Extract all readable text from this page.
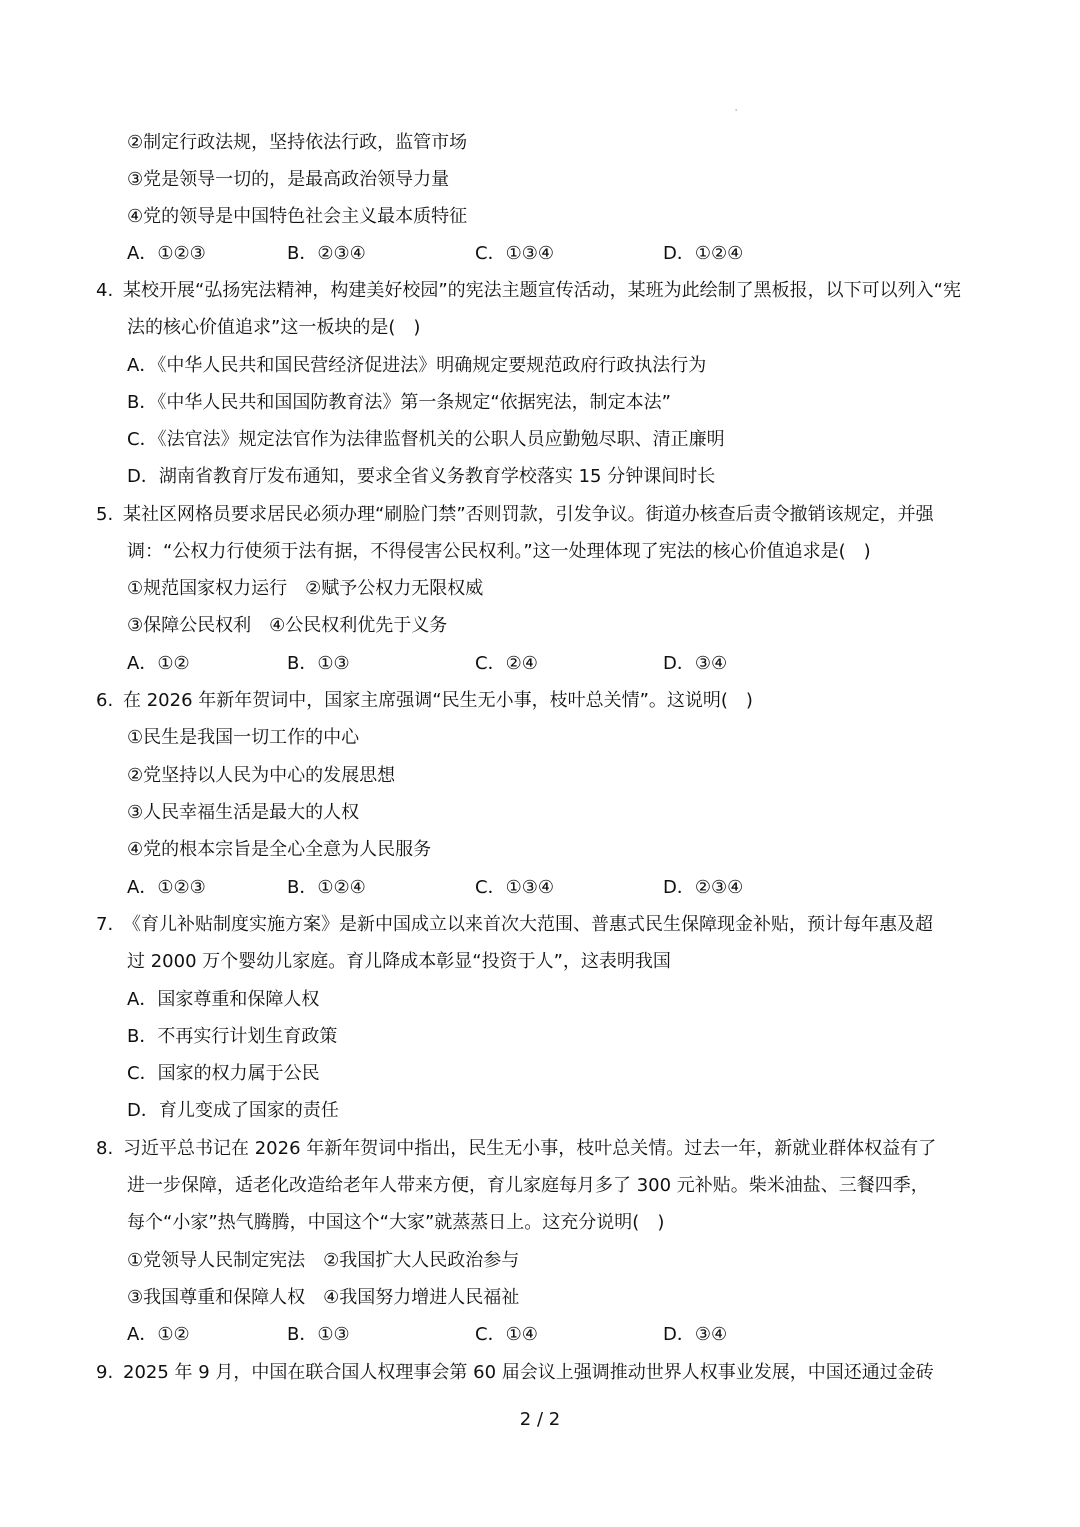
'
②制定行政法规，坚持依法行政，监管市场
③党是领导一切的，是最高政治领导力量
④党的领导是中国特色社会主义最本质特征
A．①②③	B．②③④	C．①③④	D．①②④
4. 某校开展“弘扬宪法精神，构建美好校园”的宪法主题宣传活动，某班为此绘制了黑板报，以下可以列入“宪
法的核心价值追求”这一板块的是(　)
A．《中华人民共和国民营经济促进法》明确规定要规范政府行政执法行为
B．《中华人民共和国国防教育法》第一条规定“依据宪法，制定本法”
C．《法官法》规定法官作为法律监督机关的公职人员应勤勉尽职、清正廉明
D．湖南省教育厅发布通知，要求全省义务教育学校落实 15 分钟课间时长
5. 某社区网格员要求居民必须办理“刷脸门禁”否则罚款，引发争议。街道办核查后责令撤销该规定，并强
调：“公权力行使须于法有据，不得侵害公民权利。”这一处理体现了宪法的核心价值追求是(　)
①规范国家权力运行　②赋予公权力无限权威
③保障公民权利　④公民权利优先于义务
A．①②	B．①③	C．②④	D．③④
6. 在 2026 年新年贺词中，国家主席强调“民生无小事，枝叶总关情”。这说明(　)
①民生是我国一切工作的中心
②党坚持以人民为中心的发展思想
③人民幸福生活是最大的人权
④党的根本宗旨是全心全意为人民服务
A．①②③	B．①②④	C．①③④	D．②③④
7. 《育儿补贴制度实施方案》是新中国成立以来首次大范围、普惠式民生保障现金补贴，预计每年惠及超
过 2000 万个婴幼儿家庭。育儿降成本彰显“投资于人”，这表明我国
A．国家尊重和保障人权
B．不再实行计划生育政策
C．国家的权力属于公民
D．育儿变成了国家的责任
8. 习近平总书记在 2026 年新年贺词中指出，民生无小事，枝叶总关情。过去一年，新就业群体权益有了
进一步保障，适老化改造给老年人带来方便，育儿家庭每月多了 300 元补贴。柴米油盐、三餐四季，
每个“小家”热气腾腾，中国这个“大家”就蒸蒸日上。这充分说明(　)
①党领导人民制定宪法　②我国扩大人民政治参与
③我国尊重和保障人权　④我国努力增进人民福祉
A．①②	B．①③	C．①④	D．③④
9. 2025 年 9 月，中国在联合国人权理事会第 60 届会议上强调推动世界人权事业发展，中国还通过金砖
2 / 2
